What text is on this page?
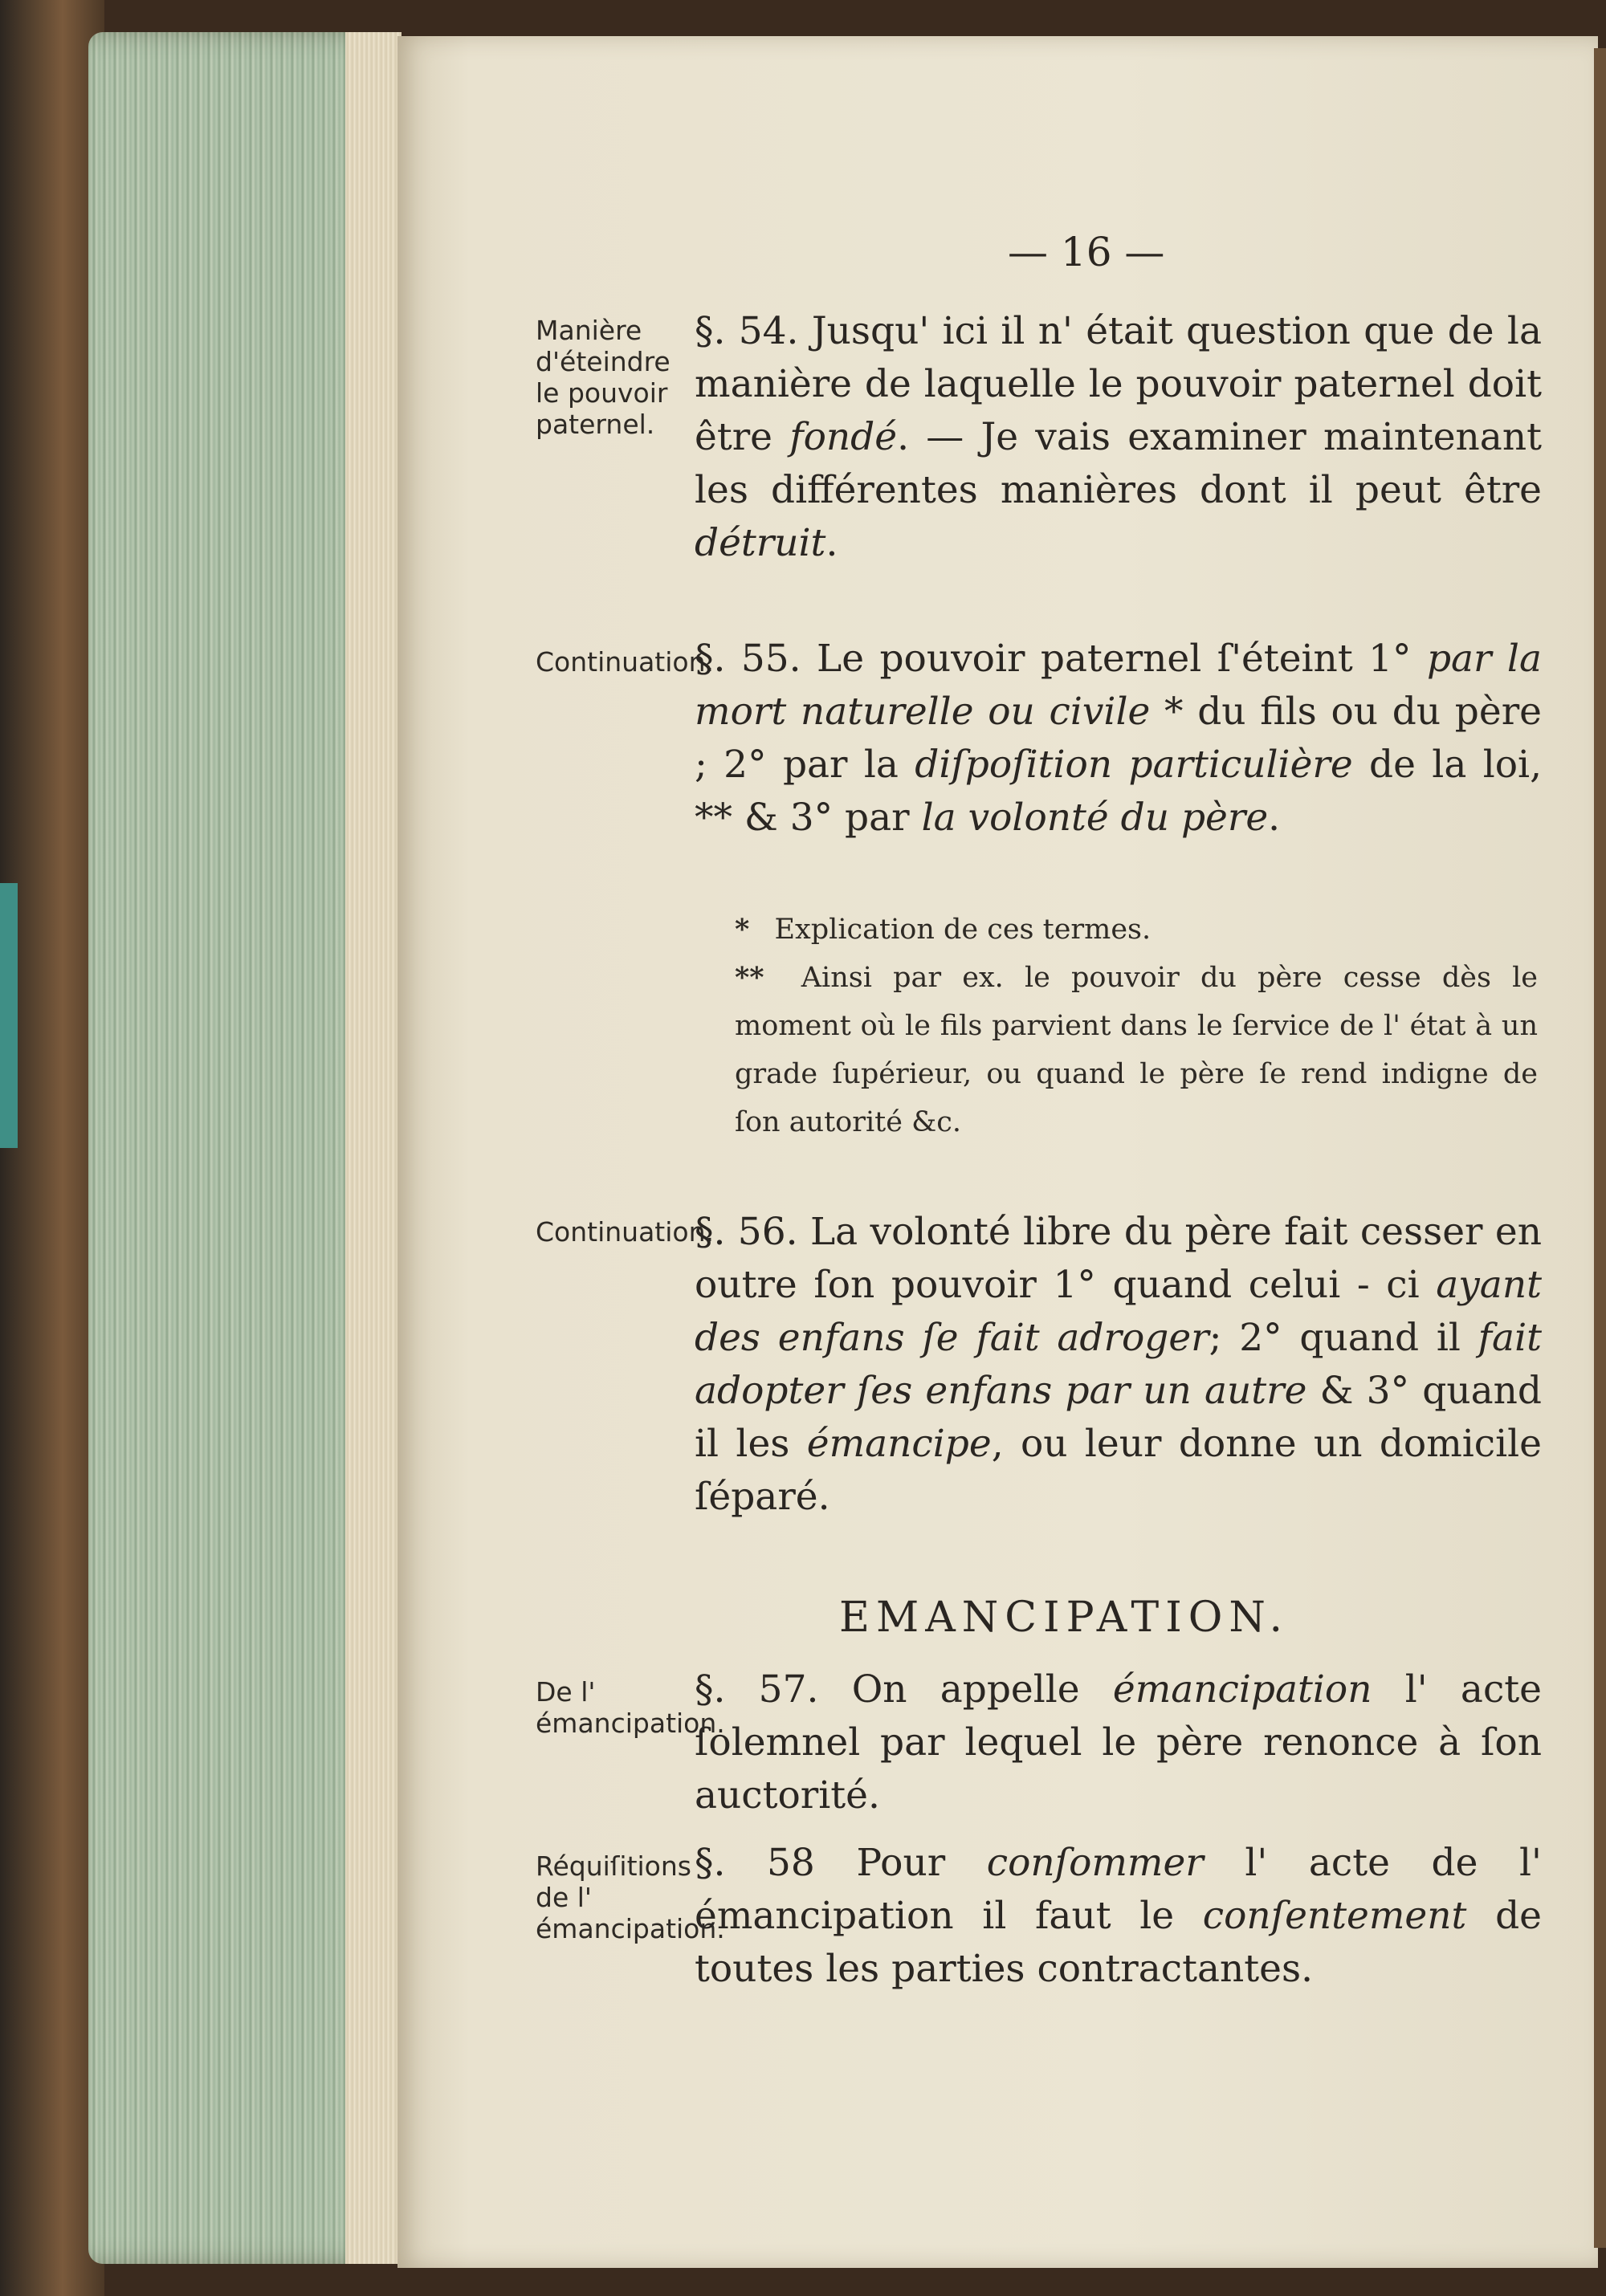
— 16 —
Manière d'éteindre le pouvoir paternel.
§. 54. Jusqu' ici il n' était question que de la manière de laquelle le pouvoir paternel doit être fondé. — Je vais examiner maintenant les différentes manières dont il peut être détruit.
Continuation.
§. 55. Le pouvoir paternel ſ'éteint 1° par la mort naturelle ou civile * du fils ou du père ; 2° par la diſpoſition particulière de la loi, ** & 3° par la volonté du père.
* Explication de ces termes.
** Ainsi par ex. le pouvoir du père cesse dès le moment où le fils parvient dans le ſervice de l' état à un grade ſupérieur, ou quand le père ſe rend indigne de ſon autorité &c.
Continuation.
§. 56. La volonté libre du père fait cesser en outre ſon pouvoir 1° quand celui - ci ayant des enfans ſe fait adroger; 2° quand il fait adopter ſes enfans par un autre & 3° quand il les émancipe, ou leur donne un domicile ſéparé.
EMANCIPATION.
De l' émancipation.
§. 57. On appelle émancipation l' acte ſolemnel par lequel le père renonce à ſon auctorité.
Réquiſitions de l' émancipation.
§. 58 Pour conſommer l' acte de l' émancipation il faut le conſentement de toutes les parties contractantes.
